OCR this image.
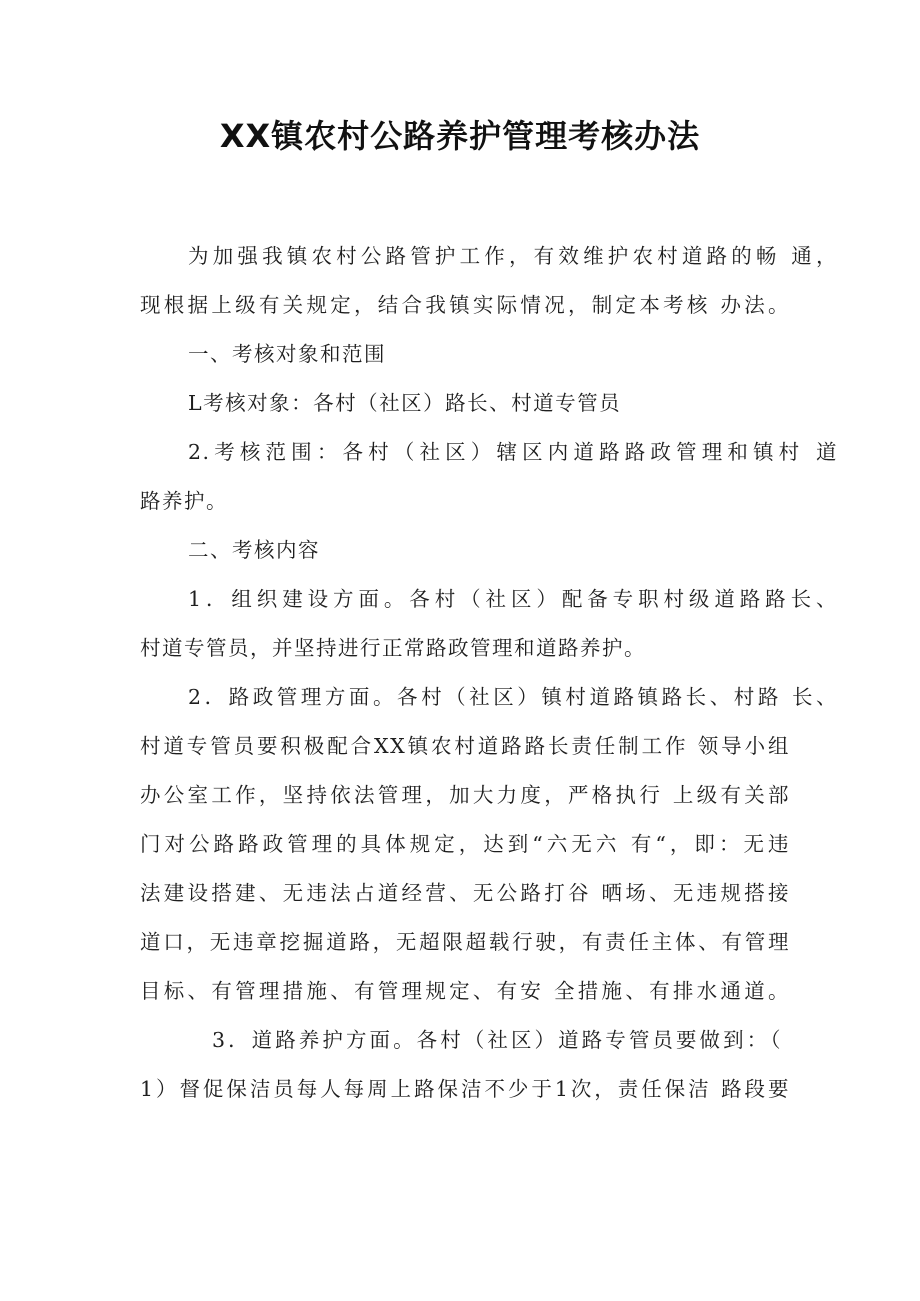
XX镇农村公路养护管理考核办法
为加强我镇农村公路管护工作，有效维护农村道路的畅 通，
现根据上级有关规定，结合我镇实际情况，制定本考核 办法。
一、考核对象和范围
L考核对象：各村（社区）路长、村道专管员
2.考核范围：各村（社区）辖区内道路路政管理和镇村 道
路养护。
二、考核内容
1．组织建设方面。各村（社区）配备专职村级道路路长、
村道专管员，并坚持进行正常路政管理和道路养护。
2．路政管理方面。各村（社区）镇村道路镇路长、村路 长、
村道专管员要积极配合XX镇农村道路路长责任制工作 领导小组
办公室工作，坚持依法管理，加大力度，严格执行 上级有关部
门对公路路政管理的具体规定，达到“六无六 有“，即：无违
法建设搭建、无违法占道经营、无公路打谷 晒场、无违规搭接
道口，无违章挖掘道路，无超限超载行驶，有责任主体、有管理
目标、有管理措施、有管理规定、有安 全措施、有排水通道。
3．道路养护方面。各村（社区）道路专管员要做到：（
1）督促保洁员每人每周上路保洁不少于1次，责任保洁 路段要
